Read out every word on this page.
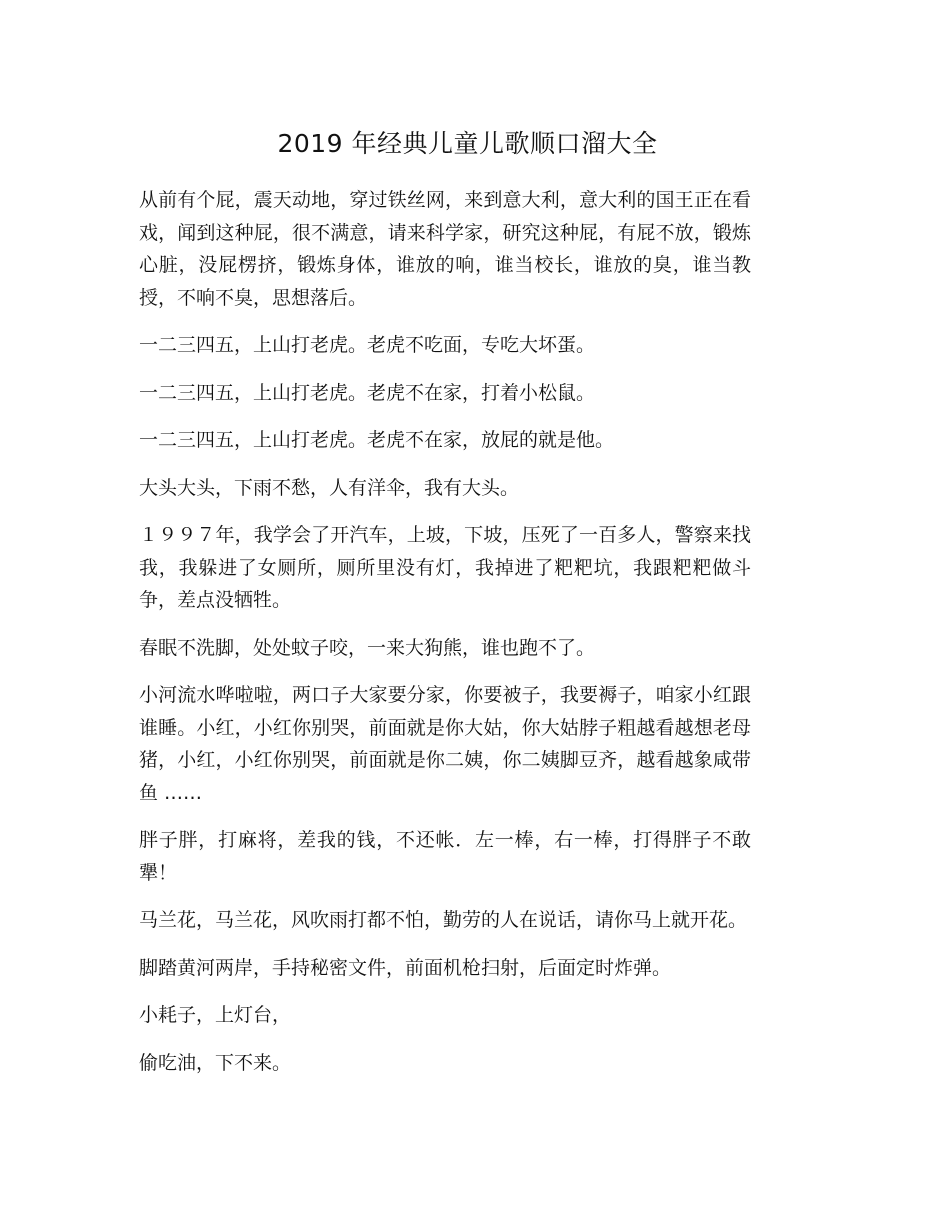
2019 年经典儿童儿歌顺口溜大全

从前有个屁，震天动地，穿过铁丝网，来到意大利，意大利的国王正在看戏，闻到这种屁，很不满意，请来科学家，研究这种屁，有屁不放，锻炼心脏，没屁楞挤，锻炼身体，谁放的响，谁当校长，谁放的臭，谁当教授，不响不臭，思想落后。

一二三四五，上山打老虎。老虎不吃面，专吃大坏蛋。

一二三四五，上山打老虎。老虎不在家，打着小松鼠。

一二三四五，上山打老虎。老虎不在家，放屁的就是他。

大头大头，下雨不愁，人有洋伞，我有大头。

１９９７年，我学会了开汽车，上坡，下坡，压死了一百多人，警察来找我，我躲进了女厕所，厕所里没有灯，我掉进了粑粑坑，我跟粑粑做斗争，差点没牺牲。

春眠不洗脚，处处蚊子咬，一来大狗熊，谁也跑不了。

小河流水哗啦啦，两口子大家要分家，你要被子，我要褥子，咱家小红跟谁睡。小红，小红你别哭，前面就是你大姑，你大姑脖子粗越看越想老母猪，小红，小红你别哭，前面就是你二姨，你二姨脚豆齐，越看越象咸带鱼 ……

胖子胖，打麻将，差我的钱，不还帐．左一棒，右一棒，打得胖子不敢犟！

马兰花，马兰花，风吹雨打都不怕，勤劳的人在说话，请你马上就开花。

脚踏黄河两岸，手持秘密文件，前面机枪扫射，后面定时炸弹。

小耗子，上灯台，

偷吃油，下不来。
